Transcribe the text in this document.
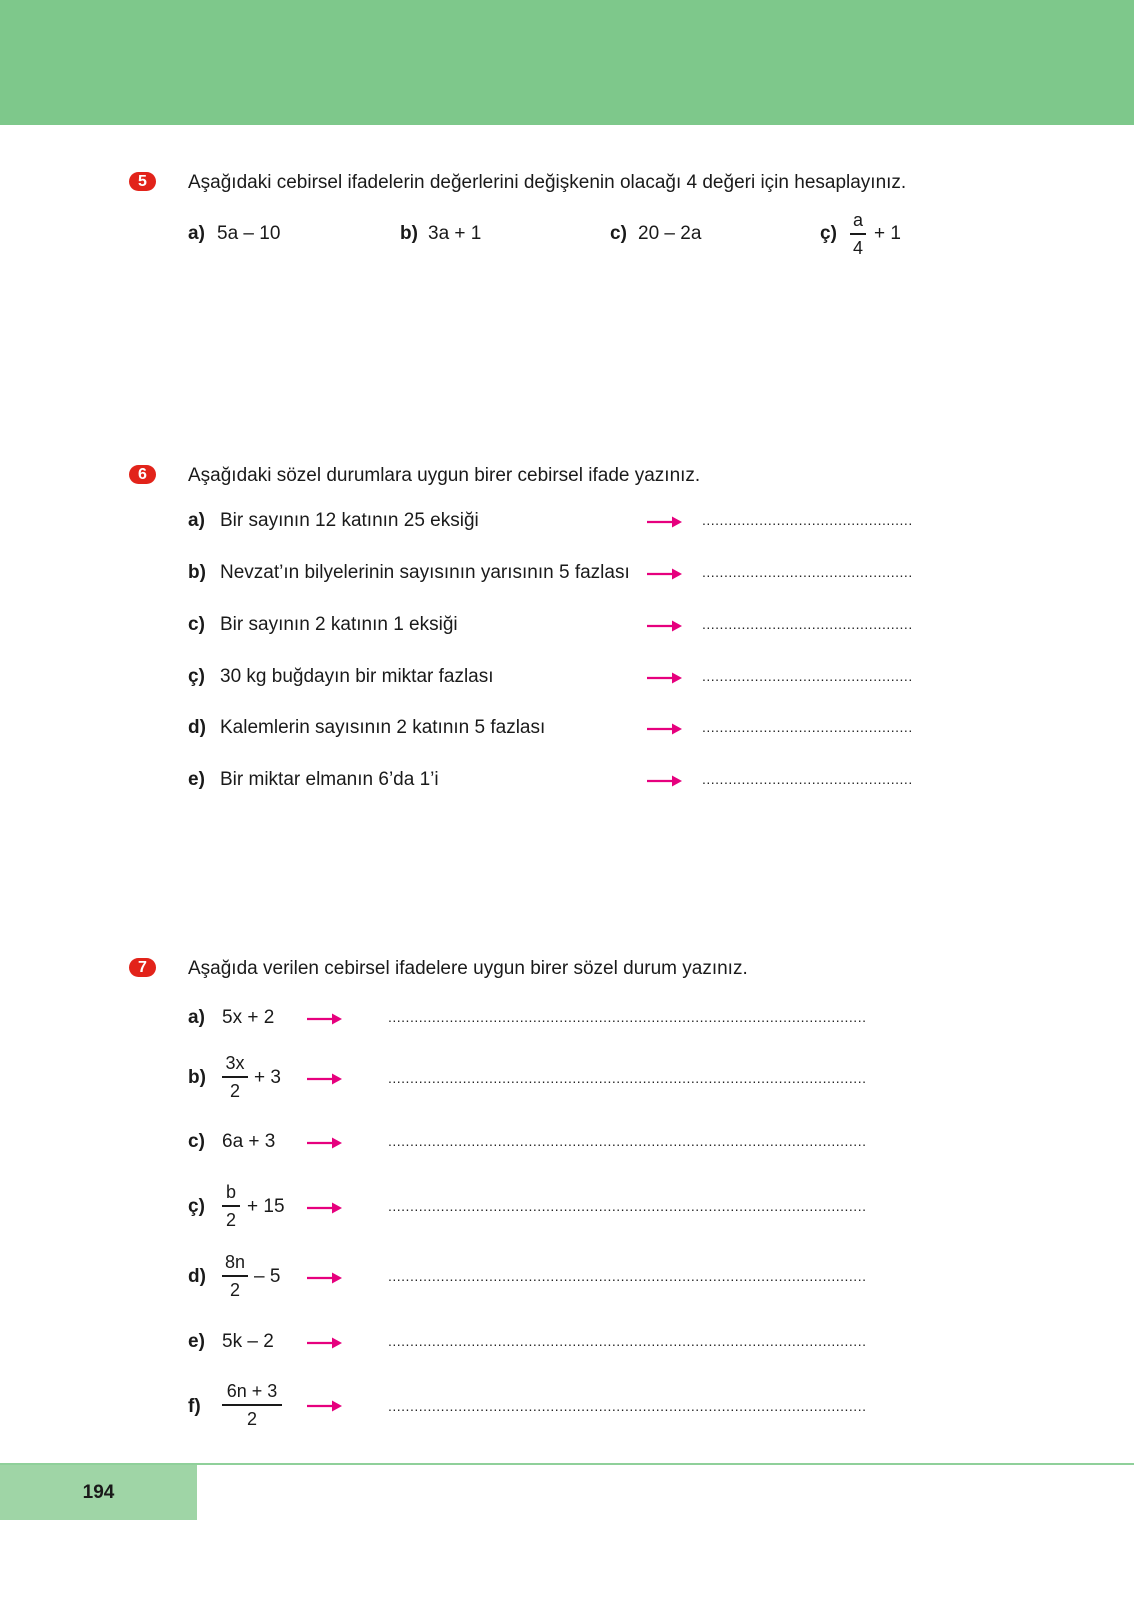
5	Aşağıdaki cebirsel ifadelerin değerlerini değişkenin olacağı 4 değeri için hesaplayınız.
a) 5a – 10	b) 3a + 1	c) 20 – 2a	ç)
a
4
+ 1
6	Aşağıdaki sözel durumlara uygun birer cebirsel ifade yazınız.
a) Bir sayının 12 katının 25 eksiği	................................................
b) Nevzat’ın bilyelerinin sayısının yarısının 5 fazlası	................................................
c) Bir sayının 2 katının 1 eksiği	................................................
ç) 30 kg buğdayın bir miktar fazlası	................................................
d) Kalemlerin sayısının 2 katının 5 fazlası	................................................
e) Bir miktar elmanın 6’da 1’i	................................................
7	Aşağıda verilen cebirsel ifadelere uygun birer sözel durum yazınız.
a) 5x + 2	.............................................................................................................
b)
3x
2
+ 3	.............................................................................................................
c) 6a + 3	.............................................................................................................
ç)
b
2
+ 15	.............................................................................................................
d)
8n
2
– 5	.............................................................................................................
e) 5k – 2	.............................................................................................................
f)
6n + 3
2
.............................................................................................................
194
